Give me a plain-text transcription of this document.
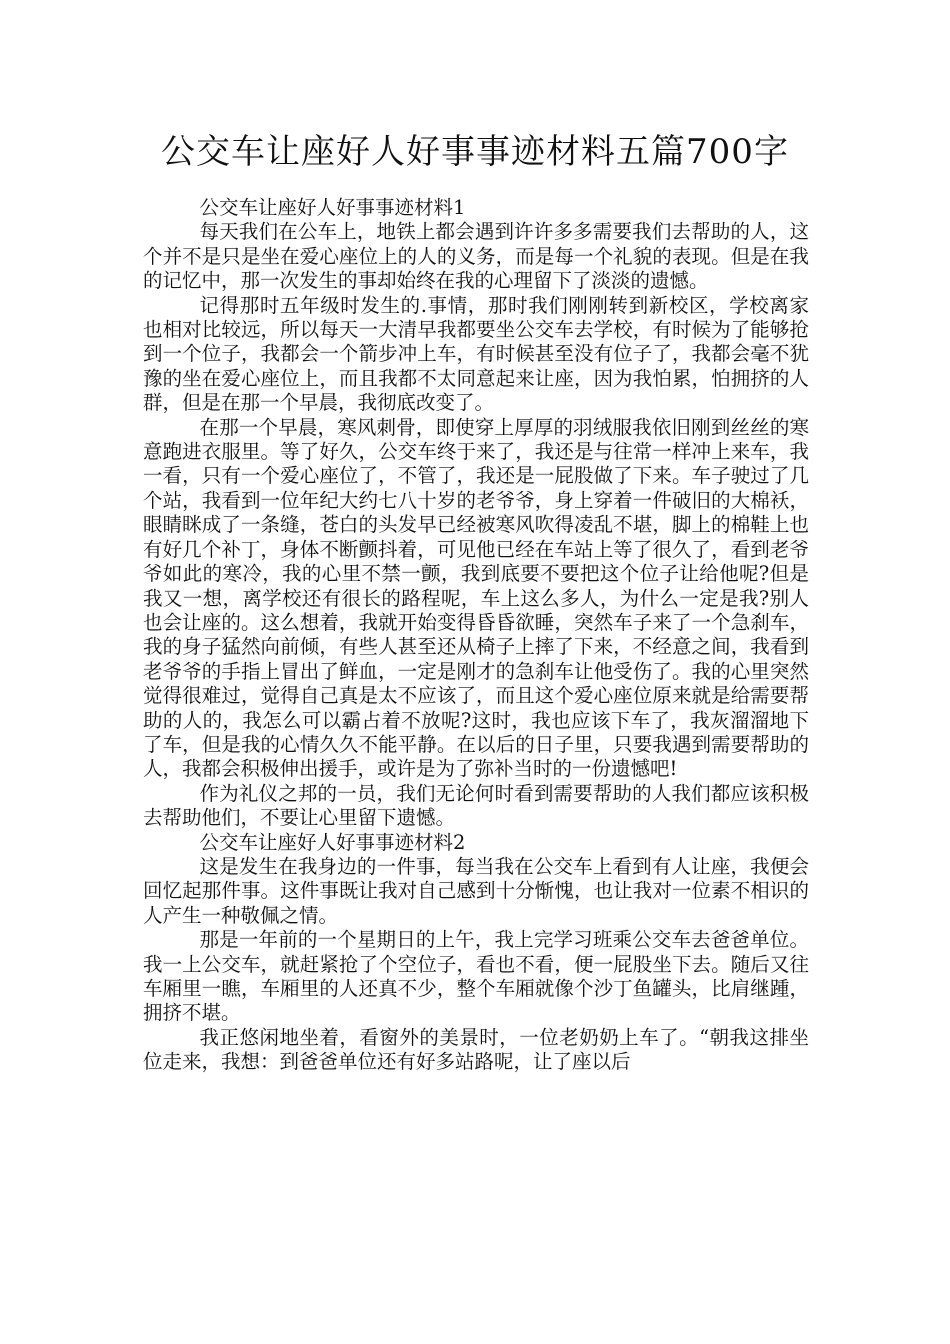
公交车让座好人好事事迹材料五篇700字

公交车让座好人好事事迹材料1

每天我们在公车上，地铁上都会遇到许许多多需要我们去帮助的人，这个并不是只是坐在爱心座位上的人的义务，而是每一个礼貌的表现。但是在我的记忆中，那一次发生的事却始终在我的心理留下了淡淡的遗憾。

记得那时五年级时发生的.事情，那时我们刚刚转到新校区，学校离家也相对比较远，所以每天一大清早我都要坐公交车去学校，有时候为了能够抢到一个位子，我都会一个箭步冲上车，有时候甚至没有位子了，我都会毫不犹豫的坐在爱心座位上，而且我都不太同意起来让座，因为我怕累，怕拥挤的人群，但是在那一个早晨，我彻底改变了。

在那一个早晨，寒风刺骨，即使穿上厚厚的羽绒服我依旧刚到丝丝的寒意跑进衣服里。等了好久，公交车终于来了，我还是与往常一样冲上来车，我一看，只有一个爱心座位了，不管了，我还是一屁股做了下来。车子驶过了几个站，我看到一位年纪大约七八十岁的老爷爷，身上穿着一件破旧的大棉袄，眼睛眯成了一条缝，苍白的头发早已经被寒风吹得凌乱不堪，脚上的棉鞋上也有好几个补丁，身体不断颤抖着，可见他已经在车站上等了很久了，看到老爷爷如此的寒冷，我的心里不禁一颤，我到底要不要把这个位子让给他呢?但是我又一想，离学校还有很长的路程呢，车上这么多人，为什么一定是我?别人也会让座的。这么想着，我就开始变得昏昏欲睡，突然车子来了一个急刹车，我的身子猛然向前倾，有些人甚至还从椅子上摔了下来，不经意之间，我看到老爷爷的手指上冒出了鲜血，一定是刚才的急刹车让他受伤了。我的心里突然觉得很难过，觉得自己真是太不应该了，而且这个爱心座位原来就是给需要帮助的人的，我怎么可以霸占着不放呢?这时，我也应该下车了，我灰溜溜地下了车，但是我的心情久久不能平静。在以后的日子里，只要我遇到需要帮助的人，我都会积极伸出援手，或许是为了弥补当时的一份遗憾吧!

作为礼仪之邦的一员，我们无论何时看到需要帮助的人我们都应该积极去帮助他们，不要让心里留下遗憾。

公交车让座好人好事事迹材料2

这是发生在我身边的一件事，每当我在公交车上看到有人让座，我便会回忆起那件事。这件事既让我对自己感到十分惭愧，也让我对一位素不相识的人产生一种敬佩之情。

那是一年前的一个星期日的上午，我上完学习班乘公交车去爸爸单位。我一上公交车，就赶紧抢了个空位子，看也不看，便一屁股坐下去。随后又往车厢里一瞧，车厢里的人还真不少，整个车厢就像个沙丁鱼罐头，比肩继踵，拥挤不堪。

我正悠闲地坐着，看窗外的美景时，一位老奶奶上车了。“朝我这排坐位走来，我想：到爸爸单位还有好多站路呢，让了座以后
